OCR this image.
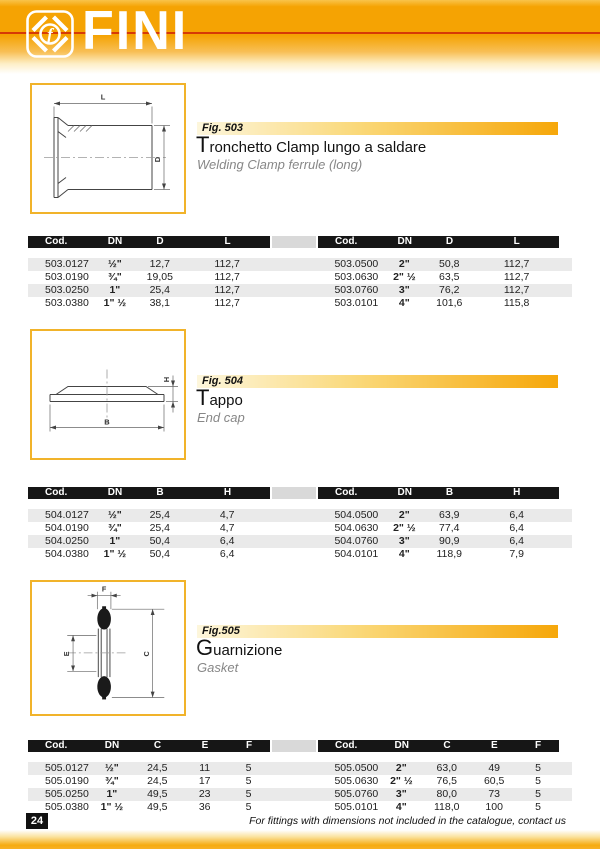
f FINI
L
D
Fig. 503
Tronchetto Clamp lungo a saldare
Welding Clamp ferrule (long)
Cod.	DN	D	L	Cod.	DN	D	L
503.0127	½"	12,7	112,7	503.0500	2"	50,8	112,7
503.0190	¾"	19,05	112,7	503.0630	2" ½	63,5	112,7
503.0250	1"	25,4	112,7	503.0760	3"	76,2	112,7
503.0380	1" ½	38,1	112,7	503.0101	4"	101,6	115,8
H
B
Fig. 504
Tappo
End cap
Cod.	DN	B	H	Cod.	DN	B	H
504.0127	½"	25,4	4,7	504.0500	2"	63,9	6,4
504.0190	¾"	25,4	4,7	504.0630	2" ½	77,4	6,4
504.0250	1"	50,4	6,4	504.0760	3"	90,9	6,4
504.0380	1" ½	50,4	6,4	504.0101	4"	118,9	7,9
F
E	C
Fig.505
Guarnizione
Gasket
Cod.	DN	C	E	F	Cod.	DN	C	E	F
505.0127	½"	24,5	11	5	505.0500	2"	63,0	49	5
505.0190	¾"	24,5	17	5	505.0630	2" ½	76,5	60,5	5
505.0250	1"	49,5	23	5	505.0760	3"	80,0	73	5
505.0380	1" ½	49,5	36	5	505.0101	4"	118,0	100	5
24	For fittings with dimensions not included in the catalogue, contact us
